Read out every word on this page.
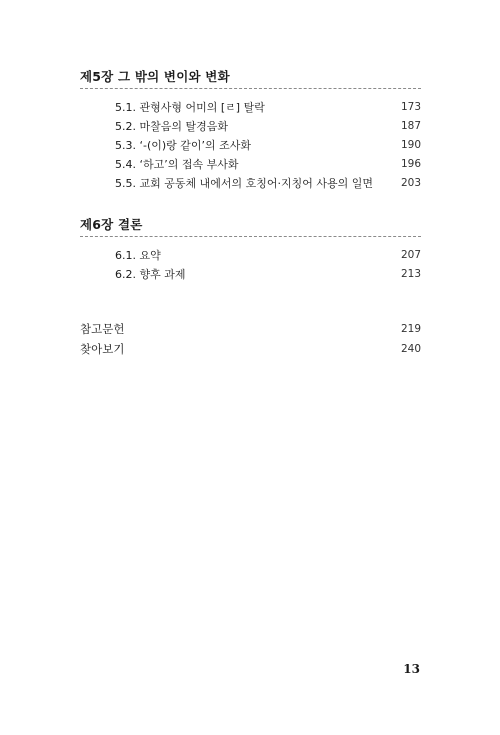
제5장 그 밖의 변이와 변화
5.1. 관형사형 어미의 [ㄹ] 탈락	173
5.2. 마찰음의 탈경음화	187
5.3. ‘-(이)랑 같이’의 조사화	190
5.4. ‘하고’의 접속 부사화	196
5.5. 교회 공동체 내에서의 호칭어·지칭어 사용의 일면	203
제6장 결론
6.1. 요약	207
6.2. 향후 과제	213
참고문헌	219
찾아보기	240
13
